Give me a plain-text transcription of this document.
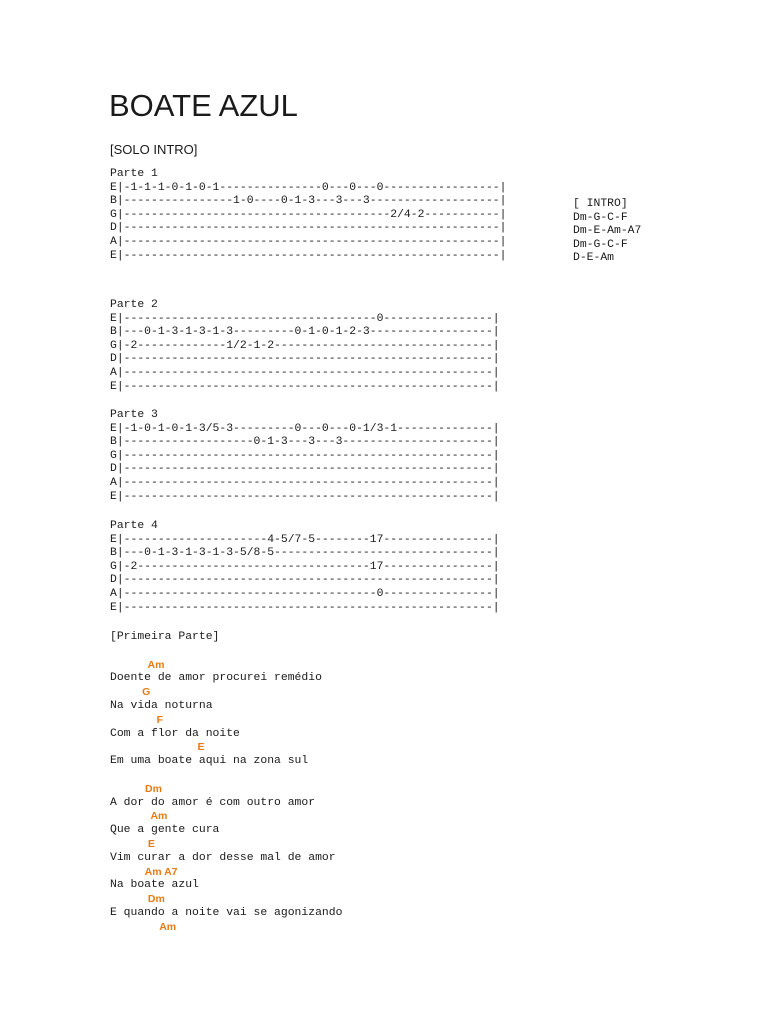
BOATE AZUL
[SOLO INTRO]
Parte 1
E|-1-1-1-0-1-0-1---------------0---0---0-----------------|
B|----------------1-0----0-1-3---3---3-------------------|
G|---------------------------------------2/4-2-----------|
D|-------------------------------------------------------|
A|-------------------------------------------------------|
E|-------------------------------------------------------|
[ INTRO]
Dm-G-C-F
Dm-E-Am-A7
Dm-G-C-F
D-E-Am
Parte 2
E|-------------------------------------0----------------|
B|---0-1-3-1-3-1-3---------0-1-0-1-2-3------------------|
G|-2-------------1/2-1-2--------------------------------|
D|------------------------------------------------------|
A|------------------------------------------------------|
E|------------------------------------------------------|
Parte 3
E|-1-0-1-0-1-3/5-3---------0---0---0-1/3-1--------------|
B|-------------------0-1-3---3---3----------------------|
G|------------------------------------------------------|
D|------------------------------------------------------|
A|------------------------------------------------------|
E|------------------------------------------------------|
Parte 4
E|---------------------4-5/7-5--------17----------------|
B|---0-1-3-1-3-1-3-5/8-5--------------------------------|
G|-2----------------------------------17----------------|
D|------------------------------------------------------|
A|-------------------------------------0----------------|
E|------------------------------------------------------|
[Primeira Parte]
Am
Doente de amor procurei remédio
G
Na vida noturna
F
Com a flor da noite
E
Em uma boate aqui na zona sul
Dm
A dor do amor é com outro amor
Am
Que a gente cura
E
Vim curar a dor desse mal de amor
Am A7
Na boate azul
Dm
E quando a noite vai se agonizando
Am
